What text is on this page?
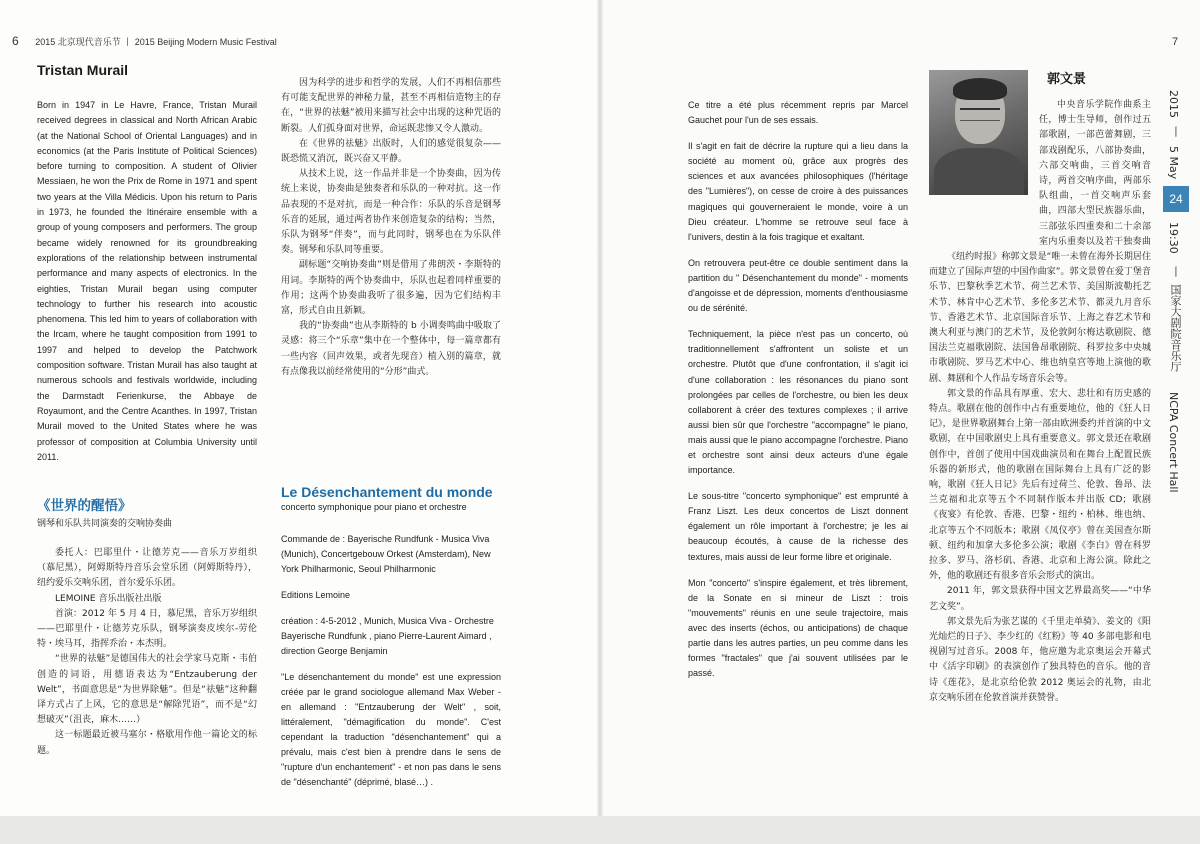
6 2015 北京现代音乐节 丨 2015 Beijing Modern Music Festival	7
Tristan Murail

Born in 1947 in Le Havre, France, Tristan Murail received degrees in classical and North African Arabic (at the National School of Oriental Languages) and in economics (at the Paris Institute of Political Sciences) before turning to composition. A student of Olivier Messiaen, he won the Prix de Rome in 1971 and spent two years at the Villa Médicis. Upon his return to Paris in 1973, he founded the Itinéraire ensemble with a group of young composers and performers. The group became widely renowned for its groundbreaking explorations of the relationship between instrumental performance and many aspects of electronics. In the eighties, Tristan Murail began using computer technology to further his research into acoustic phenomena. This led him to years of collaboration with the Ircam, where he taught composition from 1991 to 1997 and helped to develop the Patchwork composition software. Tristan Murail has also taught at numerous schools and festivals worldwide, including the Darmstadt Ferienkurse, the Abbaye de Royaumont, and the Centre Acanthes. In 1997, Tristan Murail moved to the United States where he was professor of composition at Columbia University until 2011.

《世界的醒悟》
钢琴和乐队共同演奏的交响协奏曲

委托人：巴耶里什・让德芳克——音乐万岁组织（慕尼黑），阿姆斯特丹音乐会堂乐团（阿姆斯特丹），纽约爱乐交响乐团，首尔爱乐乐团。

LEMOINE 音乐出版社出版

首演：2012 年 5 月 4 日，慕尼黑，音乐万岁组织——巴耶里什・让德芳克乐队，钢琴演奏皮埃尔-劳伦特・埃马耳，指挥乔治・本杰明。

“世界的祛魅”是德国伟大的社会学家马克斯・韦伯创造的词语，用德语表达为“Entzauberung der Welt”，书面意思是“为世界除魅”。但是“祛魅”这种翻译方式占了上风，它的意思是“解除咒语”，而不是“幻想破灭”（沮丧，麻木……）

这一标题最近被马塞尔・格歇用作他一篇论文的标题。

因为科学的进步和哲学的发展，人们不再相信那些有可能支配世界的神秘力量，甚至不再相信造物主的存在，“世界的祛魅”被用来描写社会中出现的这种咒语的断裂。人们孤身面对世界，命运既悲惨又令人激动。

在《世界的祛魅》出版时，人们的感觉很复杂——既恐慌又消沉，既兴奋又平静。

从技术上说，这一作品并非是一个协奏曲，因为传统上来说，协奏曲是独奏者和乐队的一种对抗。这一作品表现的不是对抗，而是一种合作：乐队的乐音是钢琴乐音的延展，通过两者协作来创造复杂的结构；当然，乐队为钢琴“伴奏”，而与此同时，钢琴也在为乐队伴奏。钢琴和乐队同等重要。

副标题“交响协奏曲”则是借用了弗朗茨・李斯特的用词。李斯特的两个协奏曲中，乐队也起着同样重要的作用；这两个协奏曲我听了很多遍，因为它们结构丰富，形式自由且新颖。

我的“协奏曲”也从李斯特的 b 小调奏鸣曲中吸取了灵感：将三个“乐章”集中在一个整体中，每一篇章都有一些内容（回声效果，或者先现音）植入别的篇章，就有点像我以前经常使用的“分形”曲式。

Le Désenchantement du monde
concerto symphonique pour piano et orchestre

Commande de : Bayerische Rundfunk - Musica Viva (Munich), Concertgebouw Orkest (Amsterdam), New York Philharmonic, Seoul Philharmonic

Editions Lemoine

création : 4-5-2012 , Munich, Musica Viva - Orchestre Bayerische Rundfunk , piano Pierre-Laurent Aimard , direction George Benjamin

"Le désenchantement du monde" est une expression créée par le grand sociologue allemand Max Weber - en allemand : "Entzauberung der Welt" , soit, littéralement, "démagification du monde". C'est cependant la traduction "désenchantement" qui a prévalu, mais c'est bien à prendre dans le sens de "rupture d'un enchantement" - et non pas dans le sens de "désenchanté" (déprimé, blasé…) .

Ce titre a été plus récemment repris par Marcel Gauchet pour l'un de ses essais.

Il s'agit en fait de décrire la rupture qui a lieu dans la société au moment où, grâce aux progrès des sciences et aux avancées philosophiques (l'héritage des "Lumières"), on cesse de croire à des puissances magiques qui gouverneraient le monde, voire à un Dieu créateur. L'homme se retrouve seul face à l'univers, destin à la fois tragique et exaltant.

On retrouvera peut-être ce double sentiment dans la partition du " Désenchantement du monde" - moments d'angoisse et de dépression, moments d'enthousiasme ou de sérénité.

Techniquement, la pièce n'est pas un concerto, où traditionnellement s'affrontent un soliste et un orchestre. Plutôt que d'une confrontation, il s'agit ici d'une collaboration : les résonances du piano sont prolongées par celles de l'orchestre, ou bien les deux collaborent à créer des textures complexes ; il arrive aussi bien sûr que l'orchestre "accompagne" le piano, mais aussi que le piano accompagne l'orchestre. Piano et orchestre sont ainsi deux acteurs d'une égale importance.

Le sous-titre "concerto symphonique" est emprunté à Franz Liszt. Les deux concertos de Liszt donnent également un rôle important à l'orchestre; je les ai beaucoup écoutés, à cause de la richesse des textures, mais aussi de leur forme libre et originale.

Mon "concerto" s'inspire également, et très librement, de la Sonate en si mineur de Liszt : trois "mouvements" réunis en une seule trajectoire, mais avec des inserts (échos, ou anticipations) de chaque partie dans les autres parties, un peu comme dans les formes "fractales" que j'ai souvent utilisées par le passé.

郭文景

中央音乐学院作曲系主任，博士生导师，创作过五部歌剧，一部芭蕾舞剧，三部戏剧配乐，八部协奏曲，六部交响曲，三首交响音诗，两首交响序曲，两部乐队组曲，一首交响声乐套曲，四部大型民族器乐曲，三部弦乐四重奏和二十余部室内乐重奏以及若干独奏曲

《纽约时报》称郭文景是“唯一未曾在海外长期居住而建立了国际声望的中国作曲家”。郭文景曾在爱丁堡音乐节、巴黎秋季艺术节、荷兰艺术节、美国斯波勒托艺术节、林肯中心艺术节、多伦多艺术节、都灵九月音乐节、香港艺术节、北京国际音乐节、上海之春艺术节和澳大利亚与澳门的艺术节，及伦敦阿尔梅达歌剧院、德国法兰克福歌剧院、法国鲁昂歌剧院、科罗拉多中央城市歌剧院、罗马艺术中心、维也纳皇宫等地上演他的歌剧、舞剧和个人作品专场音乐会等。

郭文景的作品具有厚重、宏大、悲壮和有历史感的特点。歌剧在他的创作中占有重要地位，他的《狂人日记》，是世界歌剧舞台上第一部由欧洲委约并首演的中文歌剧，在中国歌剧史上具有重要意义。郭文景还在歌剧创作中，首创了使用中国戏曲演员和在舞台上配置民族乐器的新形式，他的歌剧在国际舞台上具有广泛的影响，歌剧《狂人日记》先后有过荷兰、伦敦、鲁昂、法兰克福和北京等五个不同制作版本并出版 CD；歌剧《夜宴》有伦敦、香港、巴黎・纽约・柏林、维也纳、北京等五个不同版本；歌剧《凤仪亭》曾在美国查尔斯顿、纽约和加拿大多伦多公演；歌剧《李白》曾在科罗拉多、罗马、洛杉矶、香港、北京和上海公演。除此之外，他的歌剧还有很多音乐会形式的演出。

2011 年，郭文景获得中国文艺界最高奖——“中华艺文奖”。

郭文景先后为张艺谋的《千里走单骑》、姜文的《阳光灿烂的日子》、李少红的《红粉》等 40 多部电影和电视剧写过音乐。2008 年，他应邀为北京奥运会开幕式中《活字印刷》的表演创作了独具特色的音乐。他的音诗《莲花》，是北京给伦敦 2012 奥运会的礼物，由北京交响乐团在伦敦首演并获赞誉。

2015
丨
5 May
24
19:30
丨
国家大剧院音乐厅
NCPA Concert Hall
